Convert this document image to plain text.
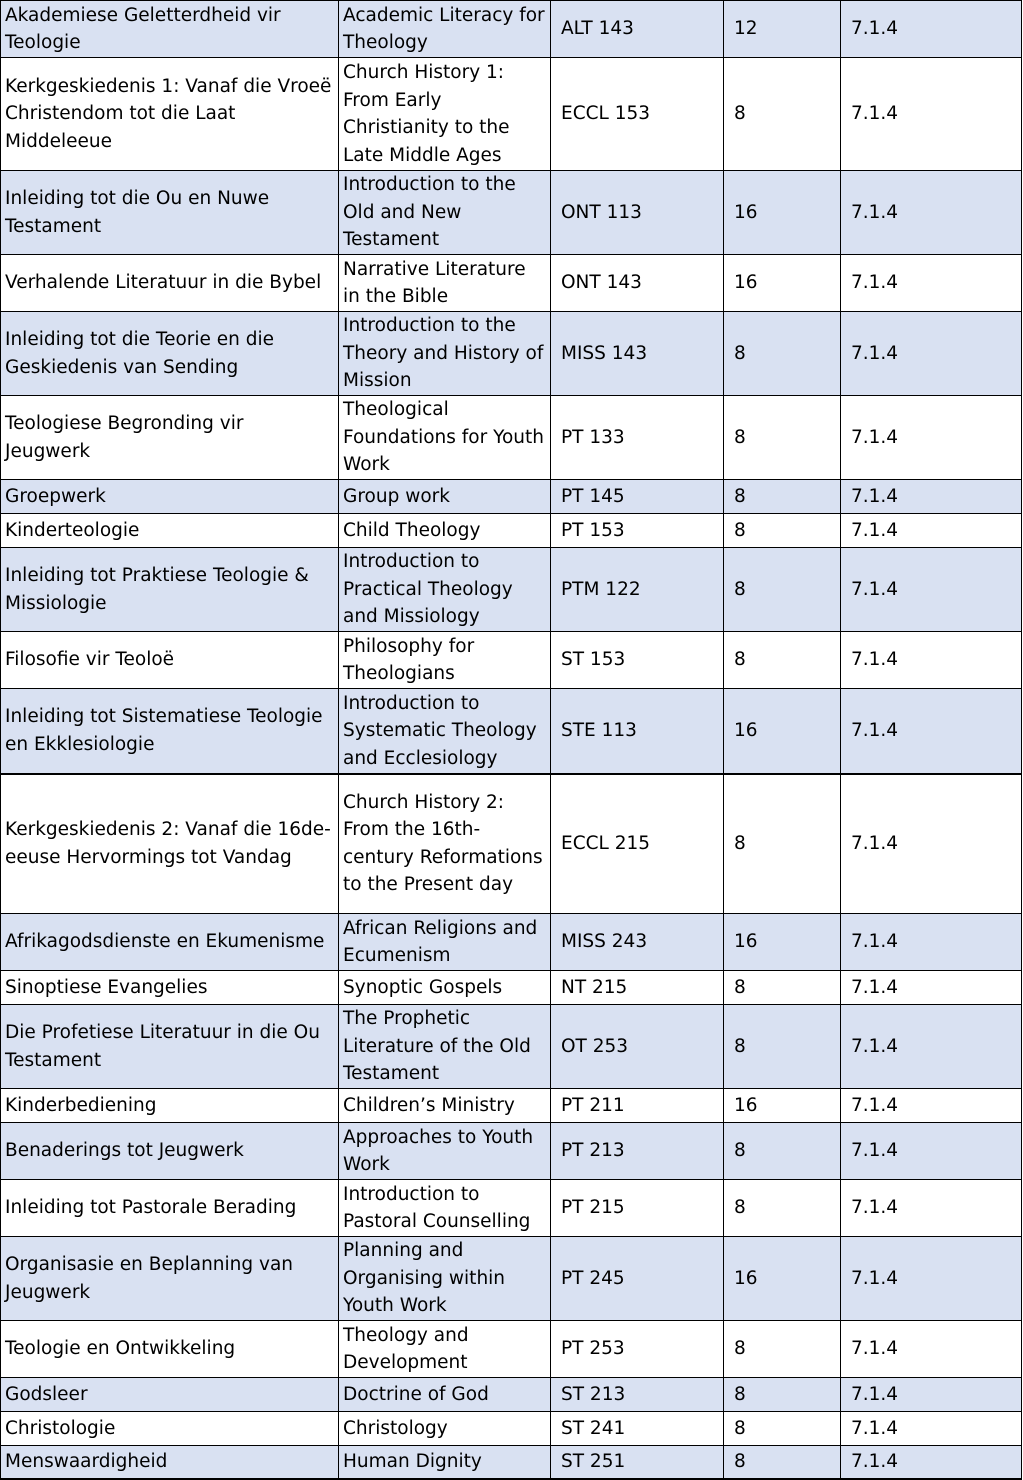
Akademiese Geletterdheid vir Teologie	Academic Literacy for Theology	ALT 143	12	7.1.4
Kerkgeskiedenis 1: Vanaf die Vroeë Christendom tot die Laat Middeleeue	Church History 1: From Early Christianity to the Late Middle Ages	ECCL 153	8	7.1.4
Inleiding tot die Ou en Nuwe Testament	Introduction to the Old and New Testament	ONT 113	16	7.1.4
Verhalende Literatuur in die Bybel	Narrative Literature in the Bible	ONT 143	16	7.1.4
Inleiding tot die Teorie en die Geskiedenis van Sending	Introduction to the Theory and History of Mission	MISS 143	8	7.1.4
Teologiese Begronding vir Jeugwerk	Theological Foundations for Youth Work	PT 133	8	7.1.4
Groepwerk	Group work	PT 145	8	7.1.4
Kinderteologie	Child Theology	PT 153	8	7.1.4
Inleiding tot Praktiese Teologie & Missiologie	Introduction to Practical Theology and Missiology	PTM 122	8	7.1.4
Filosofie vir Teoloë	Philosophy for Theologians	ST 153	8	7.1.4
Inleiding tot Sistematiese Teologie en Ekklesiologie	Introduction to Systematic Theology and Ecclesiology	STE 113	16	7.1.4
Kerkgeskiedenis 2: Vanaf die 16de-eeuse Hervormings tot Vandag	Church History 2: From the 16th-century Reformations to the Present day	ECCL 215	8	7.1.4
Afrikagodsdienste en Ekumenisme	African Religions and Ecumenism	MISS 243	16	7.1.4
Sinoptiese Evangelies	Synoptic Gospels	NT 215	8	7.1.4
Die Profetiese Literatuur in die Ou Testament	The Prophetic Literature of the Old Testament	OT 253	8	7.1.4
Kinderbediening	Children’s Ministry	PT 211	16	7.1.4
Benaderings tot Jeugwerk	Approaches to Youth Work	PT 213	8	7.1.4
Inleiding tot Pastorale Berading	Introduction to Pastoral Counselling	PT 215	8	7.1.4
Organisasie en Beplanning van Jeugwerk	Planning and Organising within Youth Work	PT 245	16	7.1.4
Teologie en Ontwikkeling	Theology and Development	PT 253	8	7.1.4
Godsleer	Doctrine of God	ST 213	8	7.1.4
Christologie	Christology	ST 241	8	7.1.4
Menswaardigheid	Human Dignity	ST 251	8	7.1.4
